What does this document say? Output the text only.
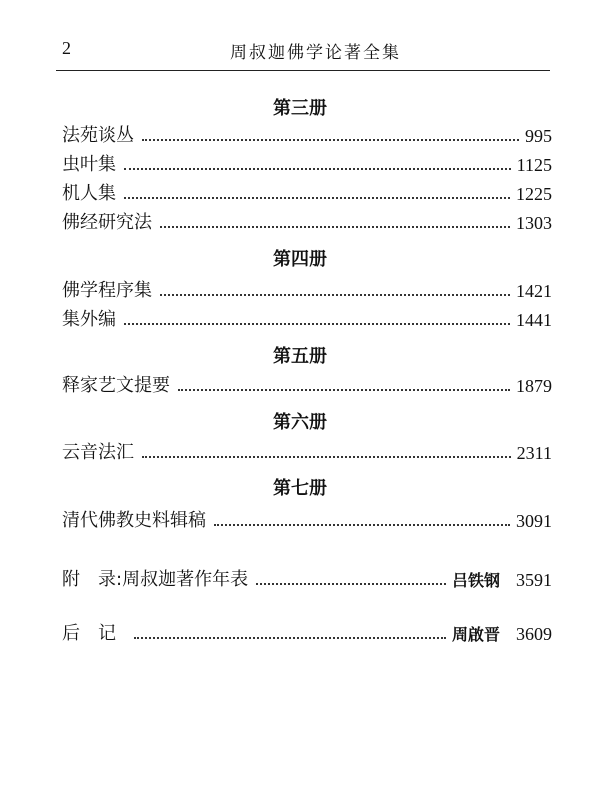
2	周叔迦佛学论著全集
第三册
法苑谈丛	995
虫叶集	1125
机人集	1225
佛经研究法	1303
第四册
佛学程序集	1421
集外编	1441
第五册
释家艺文提要	1879
第六册
云音法汇	2311
第七册
清代佛教史料辑稿	3091
附　录: 周叔迦著作年表	吕铁钢 3591
后　记	周啟晋 3609
